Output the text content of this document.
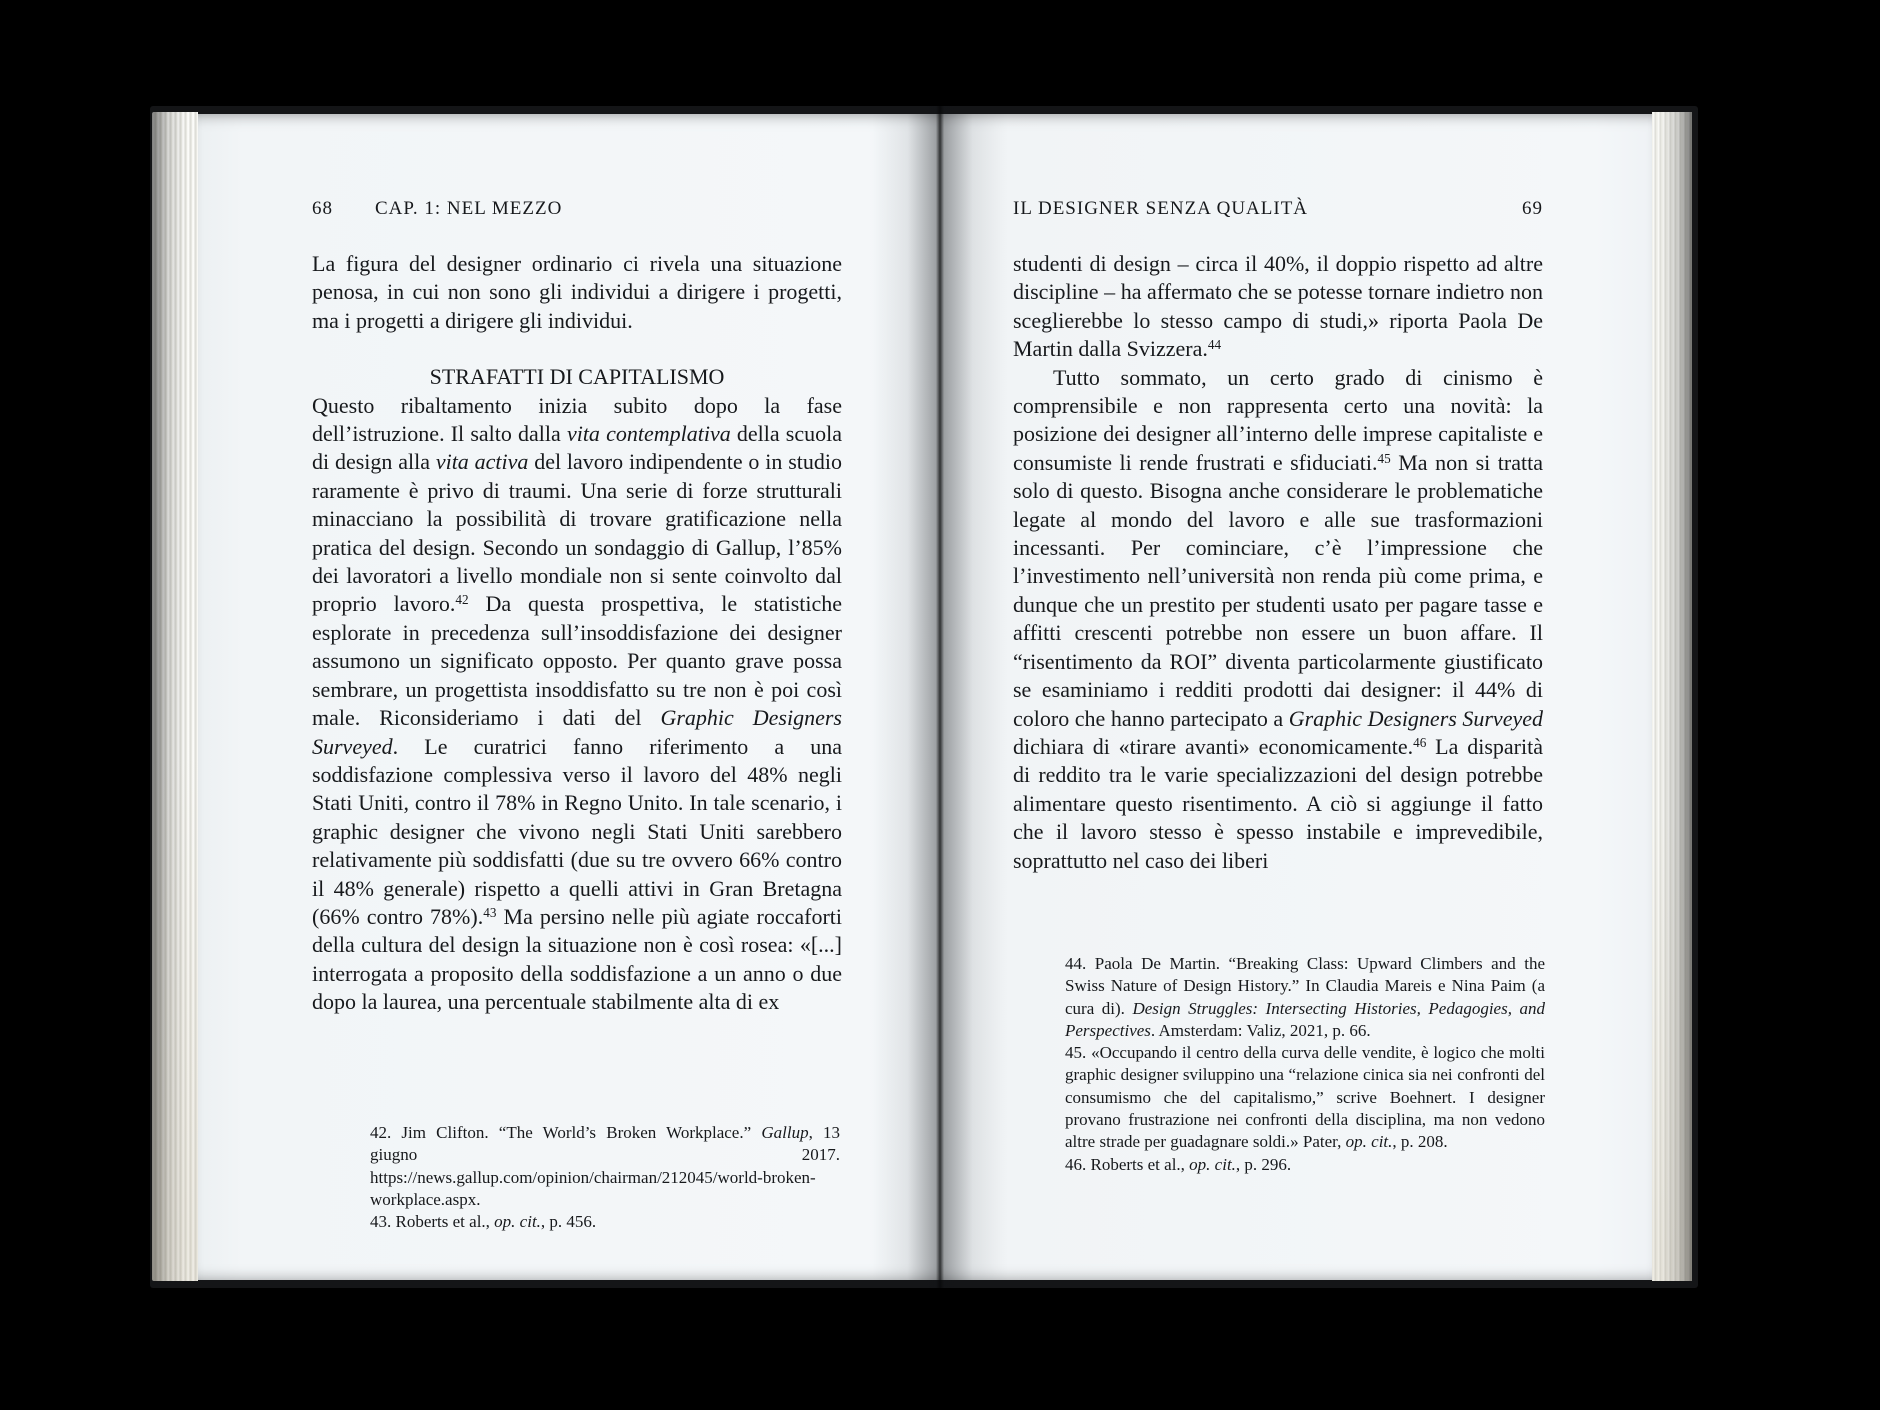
68 CAP. 1: NEL MEZZO

La figura del designer ordinario ci rivela una situazione penosa, in cui non sono gli individui a dirigere i progetti, ma i progetti a dirigere gli individui.

STRAFATTI DI CAPITALISMO

Questo ribaltamento inizia subito dopo la fase dell’istruzione. Il salto dalla vita contemplativa della scuola di design alla vita activa del lavoro indipendente o in studio raramente è privo di traumi. Una serie di forze strutturali minacciano la possibilità di trovare gratificazione nella pratica del design. Secondo un sondaggio di Gallup, l’85% dei lavoratori a livello mondiale non si sente coinvolto dal proprio lavoro.$^{42}$ Da questa prospettiva, le statistiche esplorate in precedenza sull’insoddisfazione dei designer assumono un significato opposto. Per quanto grave possa sembrare, un progettista insoddisfatto su tre non è poi così male. Riconsideriamo i dati del Graphic Designers Surveyed. Le curatrici fanno riferimento a una soddisfazione complessiva verso il lavoro del 48% negli Stati Uniti, contro il 78% in Regno Unito. In tale scenario, i graphic designer che vivono negli Stati Uniti sarebbero relativamente più soddisfatti (due su tre ovvero 66% contro il 48% generale) rispetto a quelli attivi in Gran Bretagna (66% contro 78%).$^{43}$ Ma persino nelle più agiate roccaforti della cultura del design la situazione non è così rosea: «[...] interrogata a proposito della soddisfazione a un anno o due dopo la laurea, una percentuale stabilmente alta di ex

42. Jim Clifton. “The World’s Broken Workplace.” Gallup, 13 giugno 2017. https://news.gallup.com/opinion/chairman/212045/world-broken-workplace.aspx.

43. Roberts et al., op. cit., p. 456.

IL DESIGNER SENZA QUALITÀ	69

studenti di design – circa il 40%, il doppio rispetto ad altre discipline – ha affermato che se potesse tornare indietro non sceglierebbe lo stesso campo di studi,» riporta Paola De Martin dalla Svizzera.$^{44}$

Tutto sommato, un certo grado di cinismo è comprensibile e non rappresenta certo una novità: la posizione dei designer all’interno delle imprese capitaliste e consumiste li rende frustrati e sfiduciati.$^{45}$ Ma non si tratta solo di questo. Bisogna anche considerare le problematiche legate al mondo del lavoro e alle sue trasformazioni incessanti. Per cominciare, c’è l’impressione che l’investimento nell’università non renda più come prima, e dunque che un prestito per studenti usato per pagare tasse e affitti crescenti potrebbe non essere un buon affare. Il “risentimento da ROI” diventa particolarmente giustificato se esaminiamo i redditi prodotti dai designer: il 44% di coloro che hanno partecipato a Graphic Designers Surveyed dichiara di «tirare avanti» economicamente.$^{46}$ La disparità di reddito tra le varie specializzazioni del design potrebbe alimentare questo risentimento. A ciò si aggiunge il fatto che il lavoro stesso è spesso instabile e imprevedibile, soprattutto nel caso dei liberi

44. Paola De Martin. “Breaking Class: Upward Climbers and the Swiss Nature of Design History.” In Claudia Mareis e Nina Paim (a cura di). Design Struggles: Intersecting Histories, Pedagogies, and Perspectives. Amsterdam: Valiz, 2021, p. 66.

45. «Occupando il centro della curva delle vendite, è logico che molti graphic designer sviluppino una “relazione cinica sia nei confronti del consumismo che del capitalismo,” scrive Boehnert. I designer provano frustrazione nei confronti della disciplina, ma non vedono altre strade per guadagnare soldi.» Pater, op. cit., p. 208.

46. Roberts et al., op. cit., p. 296.
